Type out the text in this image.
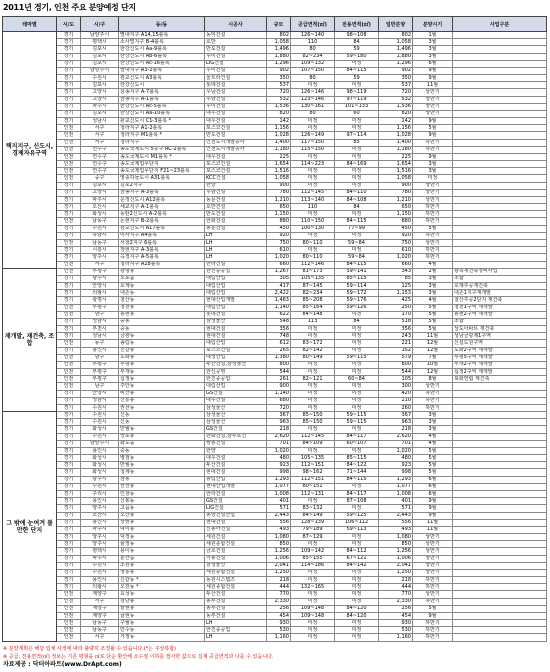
2011년 경기, 인천 주요 분양예정 단지
테마별	시/도	시/구	동/동	시공사	규모	공급면적(㎡)	전용면적(㎡)	일반분양	분양시기	사업구분
택지지구, 신도시, 경제자유구역	경기	남양주시	별내지구 A14,15블록	동익건설	802	126~140	98~108	802	1월	
	경기	평택시	소사벌지구 B-4블록	호반	1,058	110	84	1,058	3월	
	경기	김포시	한강신도시 Aa-9블록	반도건설	1,496	80	59	1,496	3월	
	경기	김포시	한강신도시 Ab-6블록	우미건설	1,880	82~234	59~180	1,880	3월	
	경기	김포시	한강신도시 Ac-16블록	LIG건설	1,296	109~132	미정	1,296	6월	
	경기	남양주시	별내지구 A3-2블록	우미건설	902	107~150	84~115	902	9월	
	경기	수원시	광교신도시 A3블록	울트라건설	350	80	59	350	9월	
	경기	김포시	한강신도시	롯데건설	537	미정	미정	537	11월	
	경기	고양시	삼송지구 A-7블록	우남건설	720	126~146	98~119	720	상반기	
	경기	고양시	삼송지구 A-1블록	우남건설	532	123~146	97~119	532	상반기	
	경기	파주시	한강신도시 Ac-5블록	우미건설	1,536	130~161	101~133	1,536	상반기	
	경기	김포시	한강신도시 Aa-10블록	대우건설	820	80	60	820	상반기	
	경기	성남시	판교신도시 C1-3블록 *	대우건설	142	미정	미정	142	9월	
	인천	서구	청라지구 A1-2블록	포스코건설	1,156	미정	미정	1,156	5월	
	인천	서구	청라지구 M1블록 *	반도건설	1,028	126~149	97~114	1,028	9월	
	인천	서구	청라지구	인천도시개발공사	1,400	117~150	85	1,400	하반기	
	인천	연수구	송도국제도시 5공구 RC-2블록	인천도시개발공사	1,180	115~150	미정	1,180	하반기	
	인천	연수구	송도국제도시 M1블록 *	대우건설	225	미정	미정	225	9월	
	인천	연수구	송도국제업무단지	포스코건설	1,654	114~223	84~169	1,654	3월	
	인천	연수구	송도국제업무단지 F21~23블록	포스코건설	1,516	미정	미정	1,516	3월	
	인천	중구	영종하늘도시 A31블록	KCC건설	1,058	미정	미정	1,058	미정	
	경기	김포시	김포2지구	한양	900	미정	미정	900	상반기	
	경기	고양시	삼송지구 A-3블록	우남건설	780	112~145	84~110	780	상반기	
	경기	파주시	운정신도시 A12블록	동문건설	1,210	113~140	84~108	1,210	상반기	
	경기	오산시	세교지구 A-1블록	호반건설	650	110	84	650	하반기	
	경기	화성시	동탄2신도시 A-2블록	반도건설	1,150	미정	미정	1,150	하반기	
	인천	남동구	논현지구 B-2블록	한화건설	880	110~150	84~115	880	하반기	
	경기	수원시	광교신도시 A17블록	동문건설	450	100~130	77~99	450	5월	
	경기	하남시	미사지구 A4블록	LH	920	미정	미정	920	하반기	
	인천	남동구	서창2지구 6블록	LH	750	80~110	59~84	750	상반기	
	경기	시흥시	장현지구 A-3블록	LH	610	미정	미정	610	하반기	
	경기	양주시	옥정지구 A-5블록	LH	1,020	80~110	59~84	1,020	하반기	
	인천	서구	청라지구 A28블록	한라건설	660	112~146	84~115	660	4월	
재개발, 재건축, 조합	인천	부평구	광명동	한진중공업	1,267	81~173	59~141	343	2월	광속재건축정비사업
	경기	광주시	오포읍	대림산업	305	105~135	85~115	85	3월	조합
	경기	안양시	호계동	대림산업	417	87~145	59~114	125	3월	호계주공재건축
	경기	의왕시	내손동	대림산업	2,422	82~234	59~172	1,153	3월	내손1지구재개발
	경기	광명시	철산동	현대산업개발	1,463	85~208	59~176	425	4월	철산주공2단지 재건축
	인천	부평구	청천동	대림산업	1,140	85~164	59~126	250	5월	청천1구역 재개발
	인천	남구	용현동	롯데건설	622	84~148	미정	170	5월	용현2구역 재개발
	경기	성남시	중동	삼성물산	548	113	84	518	5월	조합
	경기	부천시	중동	현대건설	356	미정	미정	356	5월	상도아파트 재건축
	경기	성남시	금광동	현대건설	748	미정	미정	243	11월	성남금광제1구역
	인천	동구	송림동	대림산업	612	83~172	미정	221	12월	신설도원구역
	경기	용인시	신갈동	포스코건설	265	82~142	미정	152	12월	도화2구역 재개발
	인천	남구	도화동	대성산업	1,380	80~149	59~115	579	7월	부평5구역 재개발
	인천	부평구	부평동	두산건설,삼성물산	800	미정	미정	800	10월	부개2구역 재개발
	인천	부평구	부개동	한신공영	544	미정	미정	544	12월	십정2구역 재개발
	인천	부평구	십정동	한진중공업	261	82~121	60~84	105	8월	북화연립 재건축
	인천	남구	주안동	대림산업	900	미정	미정	300	상반기	
	경기	안양시	비산동	GS건설	1,140	미정	미정	420	하반기	
	경기	성남시	신흥동	대우건설	680	미정	미정	210	하반기	
	경기	수원시	권선동	삼성물산	720	미정	미정	260	하반기	
그 밖에 눈여겨 볼 만한 단지	경기	수원시	신동	삼성물산	367	85~150	59~115	367	3월	
	경기	수원시	신동	삼성물산	963	85~150	59~115	963	3월	
	경기	화성시	반월동	GS건설	218	미정	미정	218	3월	
	경기	수원시	망포동	한화건설,삼부토건	2,620	112~145	84~117	2,620	4월	
	경기	남양주시	화도읍	쌍용건설	701	84~109	60~107	701	4월	
	경기	용인시	중동	한양	1,020	미정	미정	1,020	5월	
	경기	화성시	병점동	대우건설	480	105~135	85~115	480	5월	
	경기	화성시	반월동	두산건설	923	112~151	84~122	923	5월	
	경기	화성시	청계동	현대건설	998	98~162	71~144	998	5월	
	경기	광주시	삼동	풍림산업	1,293	112~151	84~115	1,293	6월	
	경기	수원시	권선동	현대산업개발	1,077	80~151	미정	1,077	6월	
	경기	구리시	인창동	한라건설	1,008	112~131	84~117	1,008	6월	
	경기	용인시	신봉동	GS건설	401	미정	87~108	401	9월	
	경기	양주시	고읍동	LIG건설	571	83~132	미정	571	9월	
	경기	오산시	오산동	동양건설산업	2,443	84~149	59~125	2,443	9월	
	경기	용인시	상현동	현대건설	556	128~139	106~112	556	11월	
	경기	파주시	덕이동	신동아건설	493	79~189	59~113	493	11월	
	경기	양주시	덕정동	세원건설	1,080	87~129	미정	1,080	상반기	
	경기	양주시	율정동	세원종합건설	850	미정	미정	850	상반기	
	경기	평택시	용이동	금호건설	1,256	109~142	84~112	1,256	상반기	
	경기	파주시	문산읍	극동건설	1,006	85~155	67~121	1,006	상반기	
	경기	수원시	조원동	삼성물산	2,041	114~186	84~142	2,041	상반기	
	경기	수원시	영통동	세원종합건설	1,250	미정	미정	1,250	상반기	
	경기	용인시	신갈동 *	동원시스템즈	218	미정	미정	218	하반기	
	경기	의왕시	오전동 *	세원종합건설	444	132~165	미정	444	하반기	
	인천	계양구	효성동	두산건설	770	미정	미정	770	상반기	
	인천	서구	검단동	동부건설	2,330	미정	미정	2,330	하반기	
	인천	계양구	귤현동	동부건설	256	109~148	84~120	256	5월	
	인천	계양구	귤현동	동부건설	454	109~148	84~120	454	9월	
	인천	남동구	구월동	LH	930	미정	미정	930	하반기	
	인천	남동구	만수동	한진중공업	530	미정	미정	530	하반기	
	인천	서구	가정동	LH	1,160	미정	미정	1,160	하반기	
※ 분양계획은 해당 업체 사정에 따라 불량히 조정될 수 있습니다.(*는 주상복합)
※ 공급, 전용면적(㎡) 정보는 기존 평형을 ㎡로 단순 환산해 소수점 이하를 절사한 값으로 실제 공급면적과 다를 수 있습니다.
자료제공 : 닥터아파트(www.DrApt.com)
